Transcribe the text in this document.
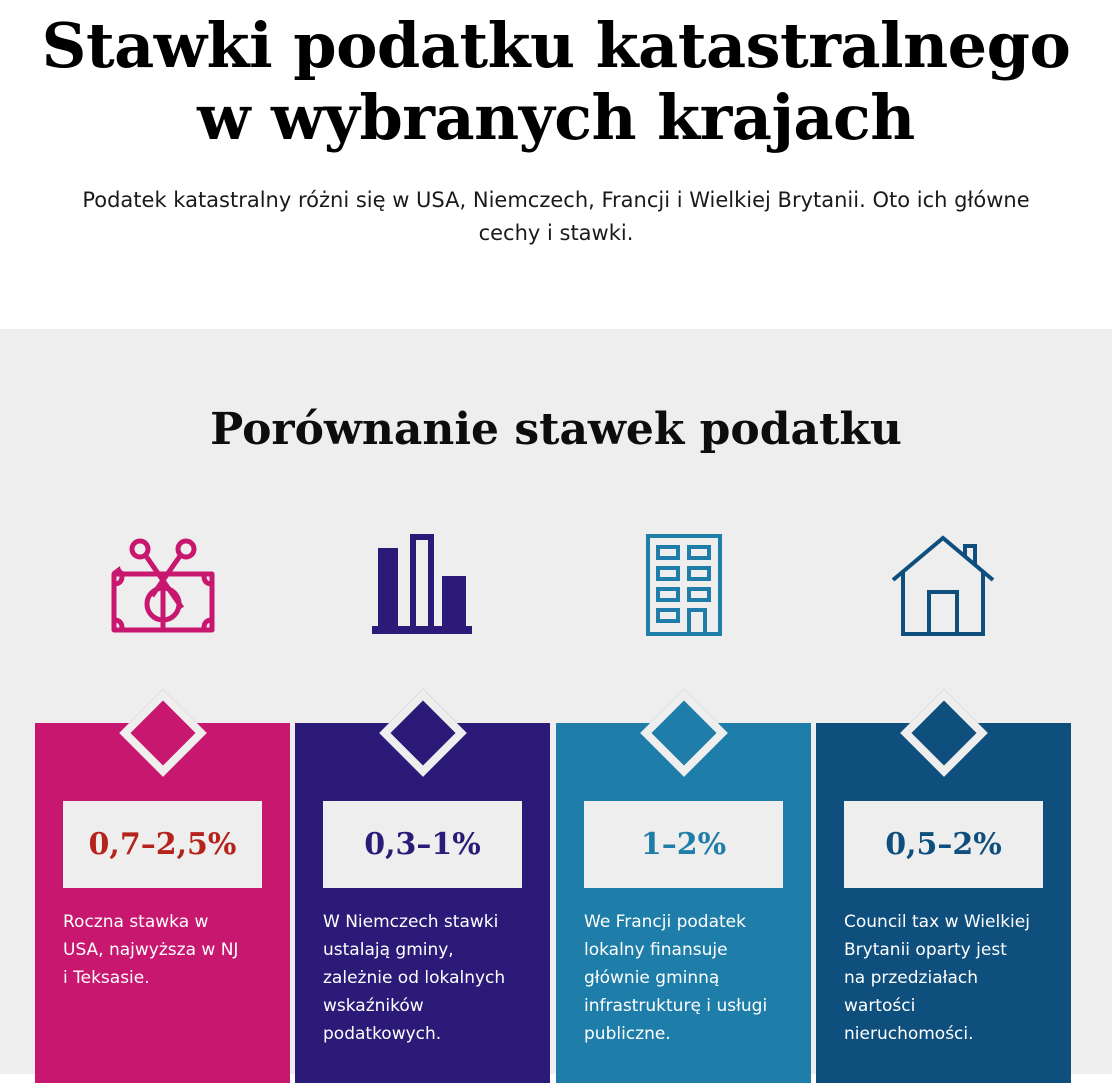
Stawki podatku katastralnego
w wybranych krajach
Podatek katastralny różni się w USA, Niemczech, Francji i Wielkiej Brytanii. Oto ich główne
cechy i stawki.
Porównanie stawek podatku
0,7–2,5%	0,3–1%	1–2%	0,5–2%
Roczna stawka w
USA, najwyższa w NJ
i Teksasie.
W Niemczech stawki
ustalają gminy,
zależnie od lokalnych
wskaźników
podatkowych.
We Francji podatek
lokalny finansuje
głównie gminną
infrastrukturę i usługi
publiczne.
Council tax w Wielkiej
Brytanii oparty jest
na przedziałach
wartości
nieruchomości.
